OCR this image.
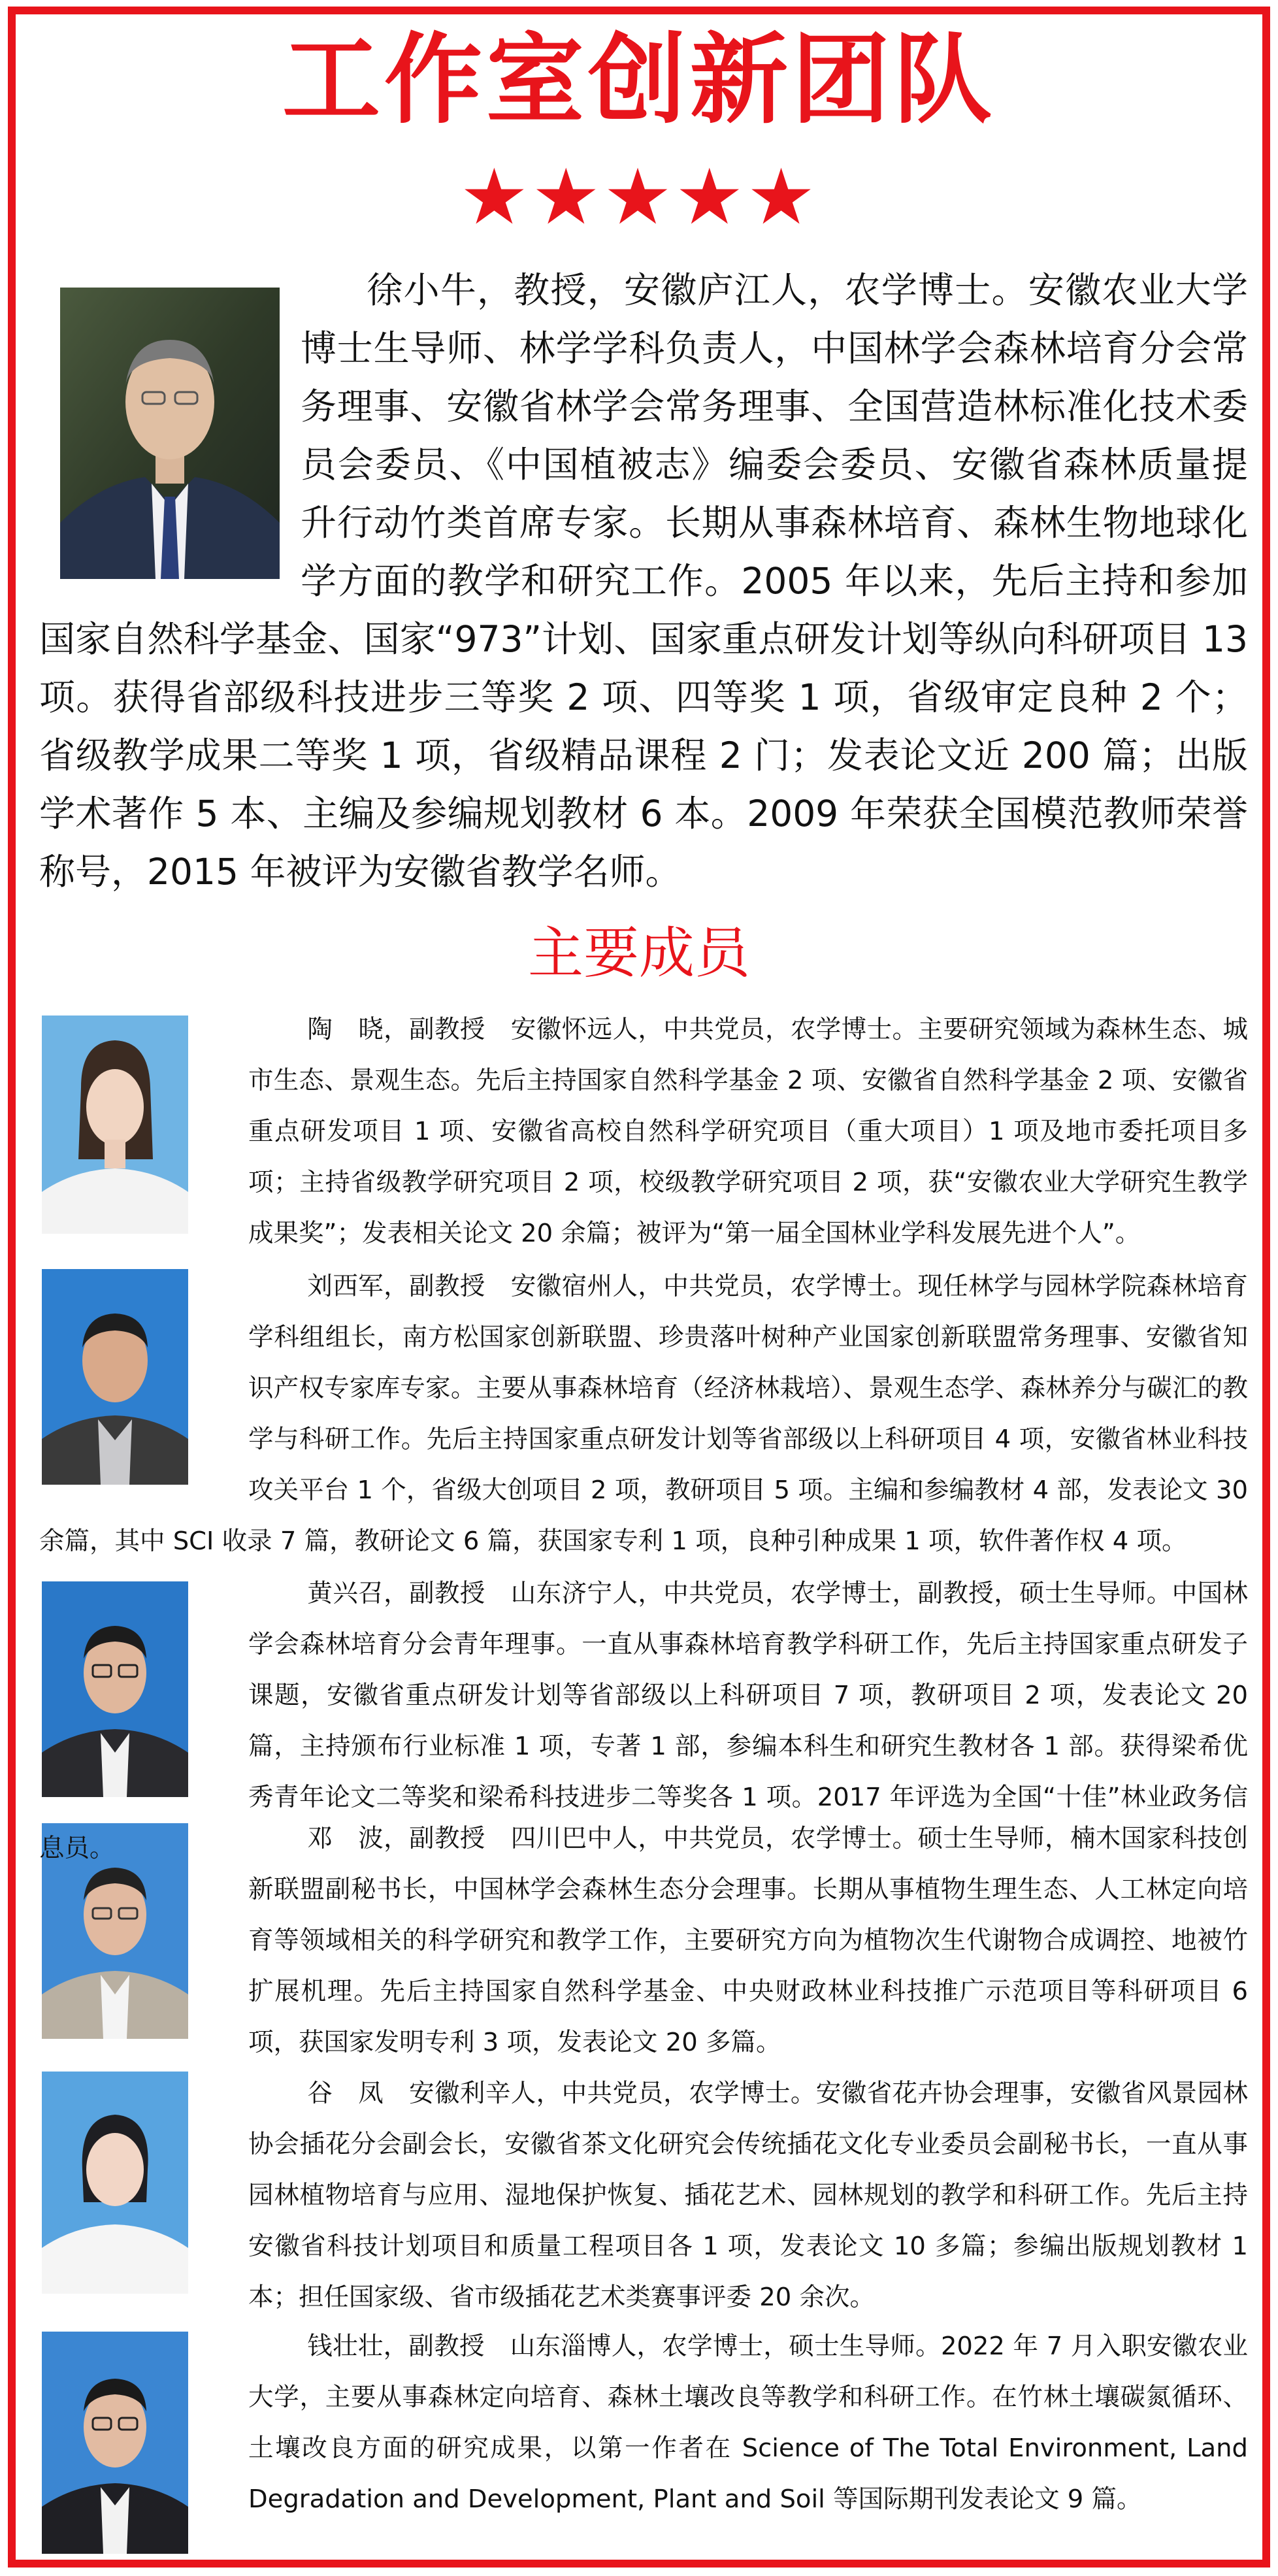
工作室创新团队
★★★★★
徐小牛，教授，安徽庐江人，农学博士。安徽农业大学博士生导师、林学学科负责人，中国林学会森林培育分会常务理事、安徽省林学会常务理事、全国营造林标准化技术委员会委员、《中国植被志》编委会委员、安徽省森林质量提升行动竹类首席专家。长期从事森林培育、森林生物地球化学方面的教学和研究工作。2005 年以来，先后主持和参加国家自然科学基金、国家“973”计划、国家重点研发计划等纵向科研项目 13 项。获得省部级科技进步三等奖 2 项、四等奖 1 项，省级审定良种 2 个；省级教学成果二等奖 1 项，省级精品课程 2 门；发表论文近 200 篇；出版学术著作 5 本、主编及参编规划教材 6 本。2009 年荣获全国模范教师荣誉称号，2015 年被评为安徽省教学名师。
主要成员
陶　晓，副教授　安徽怀远人，中共党员，农学博士。主要研究领域为森林生态、城市生态、景观生态。先后主持国家自然科学基金 2 项、安徽省自然科学基金 2 项、安徽省重点研发项目 1 项、安徽省高校自然科学研究项目（重大项目）1 项及地市委托项目多项；主持省级教学研究项目 2 项，校级教学研究项目 2 项，获“安徽农业大学研究生教学成果奖”；发表相关论文 20 余篇；被评为“第一届全国林业学科发展先进个人”。
刘西军，副教授　安徽宿州人，中共党员，农学博士。现任林学与园林学院森林培育学科组组长，南方松国家创新联盟、珍贵落叶树种产业国家创新联盟常务理事、安徽省知识产权专家库专家。主要从事森林培育（经济林栽培）、景观生态学、森林养分与碳汇的教学与科研工作。先后主持国家重点研发计划等省部级以上科研项目 4 项，安徽省林业科技攻关平台 1 个，省级大创项目 2 项，教研项目 5 项。主编和参编教材 4 部，发表论文 30 余篇，其中 SCI 收录 7 篇，教研论文 6 篇，获国家专利 1 项，良种引种成果 1 项，软件著作权 4 项。
黄兴召，副教授　山东济宁人，中共党员，农学博士，副教授，硕士生导师。中国林学会森林培育分会青年理事。一直从事森林培育教学科研工作，先后主持国家重点研发子课题，安徽省重点研发计划等省部级以上科研项目 7 项，教研项目 2 项，发表论文 20 篇，主持颁布行业标准 1 项，专著 1 部，参编本科生和研究生教材各 1 部。获得梁希优秀青年论文二等奖和梁希科技进步二等奖各 1 项。2017 年评选为全国“十佳”林业政务信息员。	邓　波，副教授　四川巴中人，中共党员，农学博士。硕士生导师，楠木国家科技创新联盟副秘书长，中国林学会森林生态分会理事。长期从事植物生理生态、人工林定向培育等领域相关的科学研究和教学工作，主要研究方向为植物次生代谢物合成调控、地被竹扩展机理。先后主持国家自然科学基金、中央财政林业科技推广示范项目等科研项目 6 项，获国家发明专利 3 项，发表论文 20 多篇。
谷　凤　安徽利辛人，中共党员，农学博士。安徽省花卉协会理事，安徽省风景园林协会插花分会副会长，安徽省茶文化研究会传统插花文化专业委员会副秘书长，一直从事园林植物培育与应用、湿地保护恢复、插花艺术、园林规划的教学和科研工作。先后主持安徽省科技计划项目和质量工程项目各 1 项，发表论文 10 多篇；参编出版规划教材 1 本；担任国家级、省市级插花艺术类赛事评委 20 余次。
钱壮壮，副教授　山东淄博人，农学博士，硕士生导师。2022 年 7 月入职安徽农业大学，主要从事森林定向培育、森林土壤改良等教学和科研工作。在竹林土壤碳氮循环、土壤改良方面的研究成果，以第一作者在 Science of The Total Environment, Land Degradation and Development, Plant and Soil 等国际期刊发表论文 9 篇。
